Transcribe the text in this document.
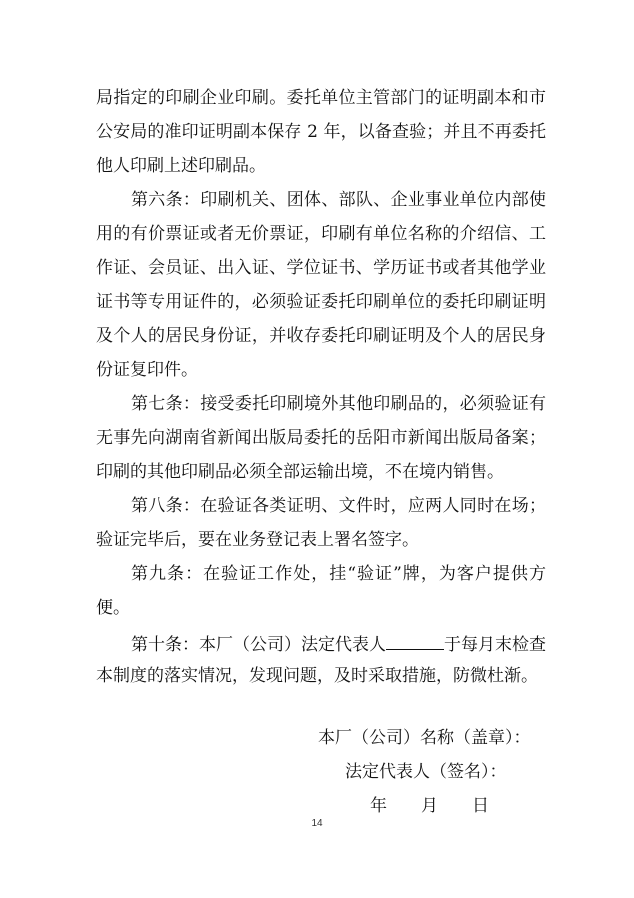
局指定的印刷企业印刷。委托单位主管部门的证明副本和市
公安局的准印证明副本保存 2 年，以备查验；并且不再委托
他人印刷上述印刷品。
第六条：印刷机关、团体、部队、企业事业单位内部使
用的有价票证或者无价票证，印刷有单位名称的介绍信、工
作证、会员证、出入证、学位证书、学历证书或者其他学业
证书等专用证件的，必须验证委托印刷单位的委托印刷证明
及个人的居民身份证，并收存委托印刷证明及个人的居民身
份证复印件。
第七条：接受委托印刷境外其他印刷品的，必须验证有
无事先向湖南省新闻出版局委托的岳阳市新闻出版局备案；
印刷的其他印刷品必须全部运输出境，不在境内销售。
第八条：在验证各类证明、文件时，应两人同时在场；
验证完毕后，要在业务登记表上署名签字。
第九条：在验证工作处，挂“验证”牌，为客户提供方
便。
第十条：本厂（公司）法定代表人	于每月末检查
本制度的落实情况，发现问题，及时采取措施，防微杜渐。
本厂（公司）名称（盖章）：
法定代表人（签名）：
年　　月　　日
14
